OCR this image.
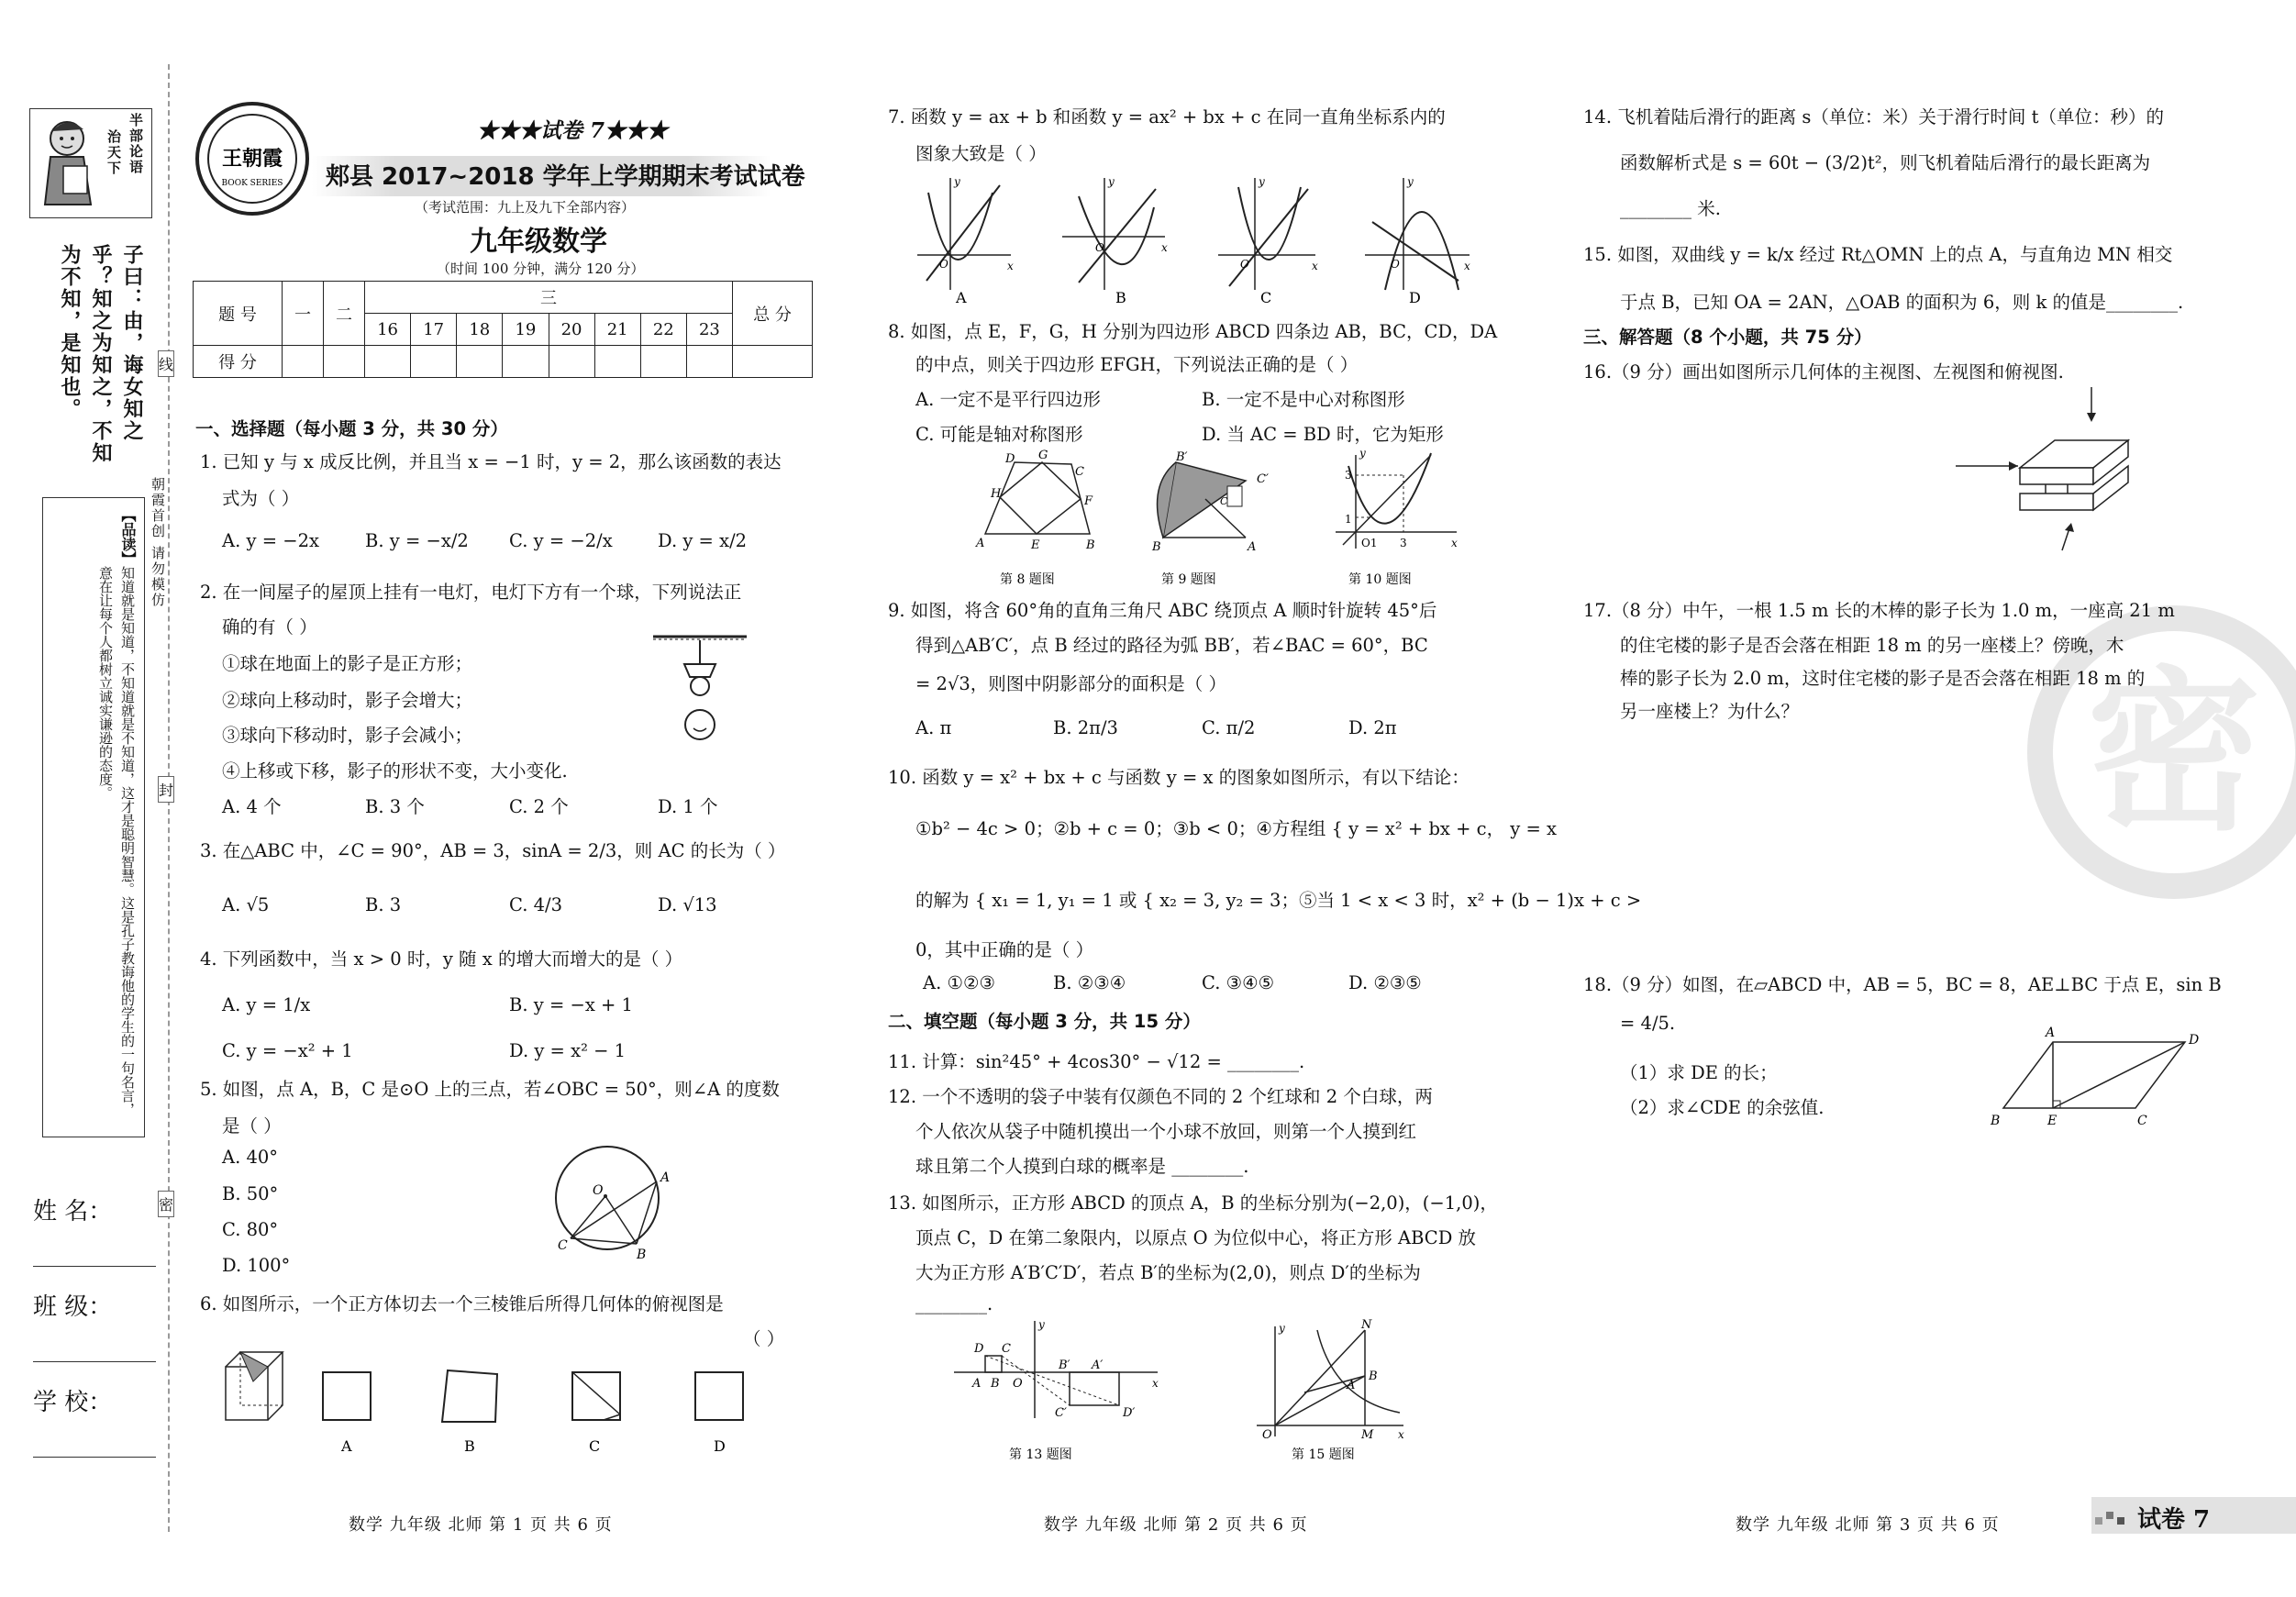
半部论语
治天下
子曰：由，诲女知之乎？知之为知之，不知为不知，是知也。
【品读】
知道就是知道，不知道就是不知道，这才是聪明智慧。这是孔子教诲他的学生的一句名言，意在让每个人都树立诚实谦逊的态度。
线
封
密
朝霞首创 请勿模仿
姓 名：
班 级：
学 校：
王朝霞
BOOK SERIES
★★★试卷 7★★★
郏县 2017~2018 学年上学期期末考试试卷
（考试范围：九上及九下全部内容）
九年级数学
（时间 100 分钟，满分 120 分）
题 号	一	二	三								总 分
			16	17	18	19	20	21	22	23	
得 分											
一、选择题（每小题 3 分，共 30 分）
1. 已知 y 与 x 成反比例，并且当 x = −1 时，y = 2，那么该函数的表达
式为（ ）
A. y = −2x	B. y = −x/2 C. y = −2/x	D. y = x/2
2. 在一间屋子的屋顶上挂有一电灯，电灯下方有一个球，下列说法正
确的有（ ）
①球在地面上的影子是正方形；
②球向上移动时，影子会增大；
③球向下移动时，影子会减小；
④上移或下移，影子的形状不变，大小变化.
A. 4 个	B. 3 个	C. 2 个	D. 1 个
3. 在△ABC 中，∠C = 90°，AB = 3，sinA = 2/3，则 AC 的长为（ ）
A. √5	B. 3	C. 4/3	D. √13
4. 下列函数中，当 x > 0 时，y 随 x 的增大而增大的是（ ）
A. y = 1/x	B. y = −x + 1
C. y = −x² + 1	D. y = x² − 1
5. 如图，点 A，B，C 是⊙O 上的三点，若∠OBC = 50°，则∠A 的度数
是（ ）
A. 40°
B. 50°
C. 80°
D. 100°
O
A
C
B
6. 如图所示，一个正方体切去一个三棱锥后所得几何体的俯视图是
（ ）
A	B	C	D
数学 九年级 北师 第 1 页 共 6 页
7. 函数 y = ax + b 和函数 y = ax² + bx + c 在同一直角坐标系内的
图象大致是（ ）
y
x
O
y
x
O
y
x
O
y
x
O
A	B	C	D
8. 如图，点 E，F，G，H 分别为四边形 ABCD 四条边 AB，BC，CD，DA
的中点，则关于四边形 EFGH，下列说法正确的是（ ）
A. 一定不是平行四边形	B. 一定不是中心对称图形
C. 可能是轴对称图形	D. 当 AC = BD 时，它为矩形
D G
C
H
F
A	E	B
B′
C′
C
B	A
y
x
3
1
O1 3
第 8 题图	第 9 题图	第 10 题图
9. 如图，将含 60°角的直角三角尺 ABC 绕顶点 A 顺时针旋转 45°后
得到△AB′C′，点 B 经过的路径为弧 BB′，若∠BAC = 60°，BC
= 2√3，则图中阴影部分的面积是（ ）
A. π	B. 2π/3	C. π/2	D. 2π
10. 函数 y = x² + bx + c 与函数 y = x 的图象如图所示，有以下结论：
①b² − 4c > 0；②b + c = 0；③b < 0；④方程组 { y = x² + bx + c， y = x
的解为 { x₁ = 1, y₁ = 1 或 { x₂ = 3, y₂ = 3；⑤当 1 < x < 3 时，x² + (b − 1)x + c >
0，其中正确的是（ ）
A. ①②③	B. ②③④	C. ③④⑤	D. ②③⑤
二、填空题（每小题 3 分，共 15 分）
11. 计算：sin²45° + 4cos30° − √12 = ________.
12. 一个不透明的袋子中装有仅颜色不同的 2 个红球和 2 个白球，两
个人依次从袋子中随机摸出一个小球不放回，则第一个人摸到红
球且第二个人摸到白球的概率是 ________.
13. 如图所示，正方形 ABCD 的顶点 A，B 的坐标分别为(−2,0)，(−1,0)，
顶点 C，D 在第二象限内，以原点 O 为位似中心，将正方形 ABCD 放
大为正方形 A′B′C′D′，若点 B′的坐标为(2,0)，则点 D′的坐标为
________.
D C
A B O
B′ A′
C′	D′
y
x
y
x
O	M
N
A
B
第 13 题图	第 15 题图
数学 九年级 北师 第 2 页 共 6 页
密
14. 飞机着陆后滑行的距离 s（单位：米）关于滑行时间 t（单位：秒）的
函数解析式是 s = 60t − (3/2)t²，则飞机着陆后滑行的最长距离为
________ 米.
15. 如图，双曲线 y = k/x 经过 Rt△OMN 上的点 A，与直角边 MN 相交
于点 B，已知 OA = 2AN，△OAB 的面积为 6，则 k 的值是________.
三、解答题（8 个小题，共 75 分）
16.（9 分）画出如图所示几何体的主视图、左视图和俯视图.
17.（8 分）中午，一根 1.5 m 长的木棒的影子长为 1.0 m，一座高 21 m
的住宅楼的影子是否会落在相距 18 m 的另一座楼上？傍晚，木
棒的影子长为 2.0 m，这时住宅楼的影子是否会落在相距 18 m 的
另一座楼上？为什么？
18.（9 分）如图，在▱ABCD 中，AB = 5，BC = 8，AE⊥BC 于点 E，sin B
= 4/5.
（1）求 DE 的长；
（2）求∠CDE 的余弦值.
A	D
B	E	C
数学 九年级 北师 第 3 页 共 6 页	试卷 7
